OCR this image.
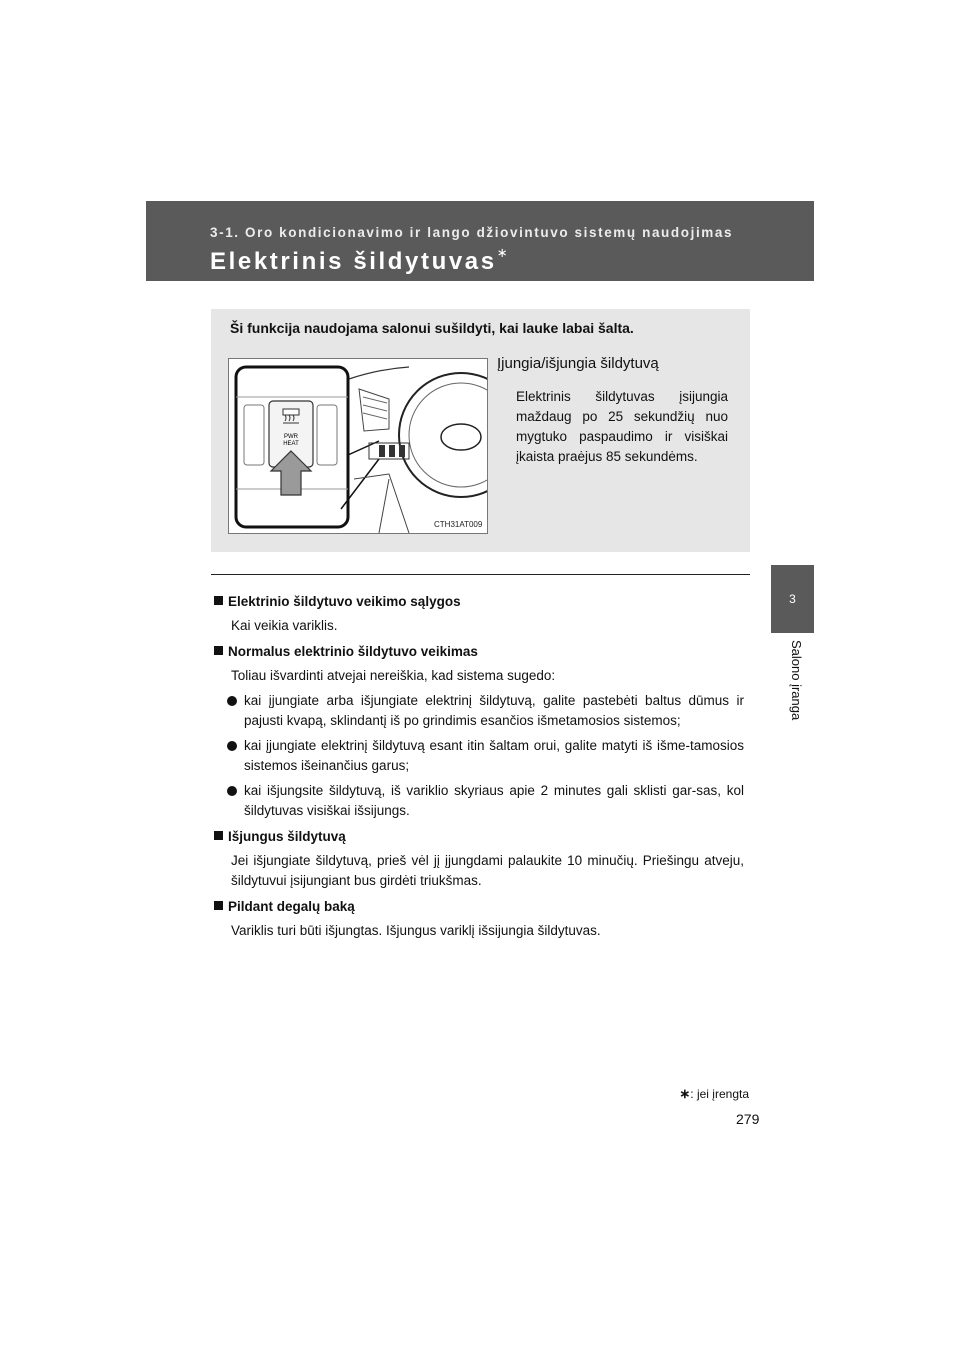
3-1. Oro kondicionavimo ir lango džiovintuvo sistemų naudojimas
Elektrinis šildytuvas∗
3
Salono įranga
Ši funkcija naudojama salonui sušildyti, kai lauke labai šalta.
PWR
HEAT
CTH31AT009
Įjungia/išjungia šildytuvą
Elektrinis šildytuvas įsijungia maždaug po 25 sekundžių nuo mygtuko paspaudimo ir visiškai įkaista praėjus 85 sekundėms.
Elektrinio šildytuvo veikimo sąlygos
Kai veikia variklis.
Normalus elektrinio šildytuvo veikimas
Toliau išvardinti atvejai nereiškia, kad sistema sugedo:
kai įjungiate arba išjungiate elektrinį šildytuvą, galite pastebėti baltus dūmus ir pajusti kvapą, sklindantį iš po grindimis esančios išmetamosios sistemos;
kai įjungiate elektrinį šildytuvą esant itin šaltam orui, galite matyti iš išme-tamosios sistemos išeinančius garus;
kai išjungsite šildytuvą, iš variklio skyriaus apie 2 minutes gali sklisti gar-sas, kol šildytuvas visiškai išsijungs.
Išjungus šildytuvą
Jei išjungiate šildytuvą, prieš vėl jį įjungdami palaukite 10 minučių. Priešingu atveju, šildytuvui įsijungiant bus girdėti triukšmas.
Pildant degalų baką
Variklis turi būti išjungtas. Išjungus variklį išsijungia šildytuvas.
∗: jei įrengta
279
